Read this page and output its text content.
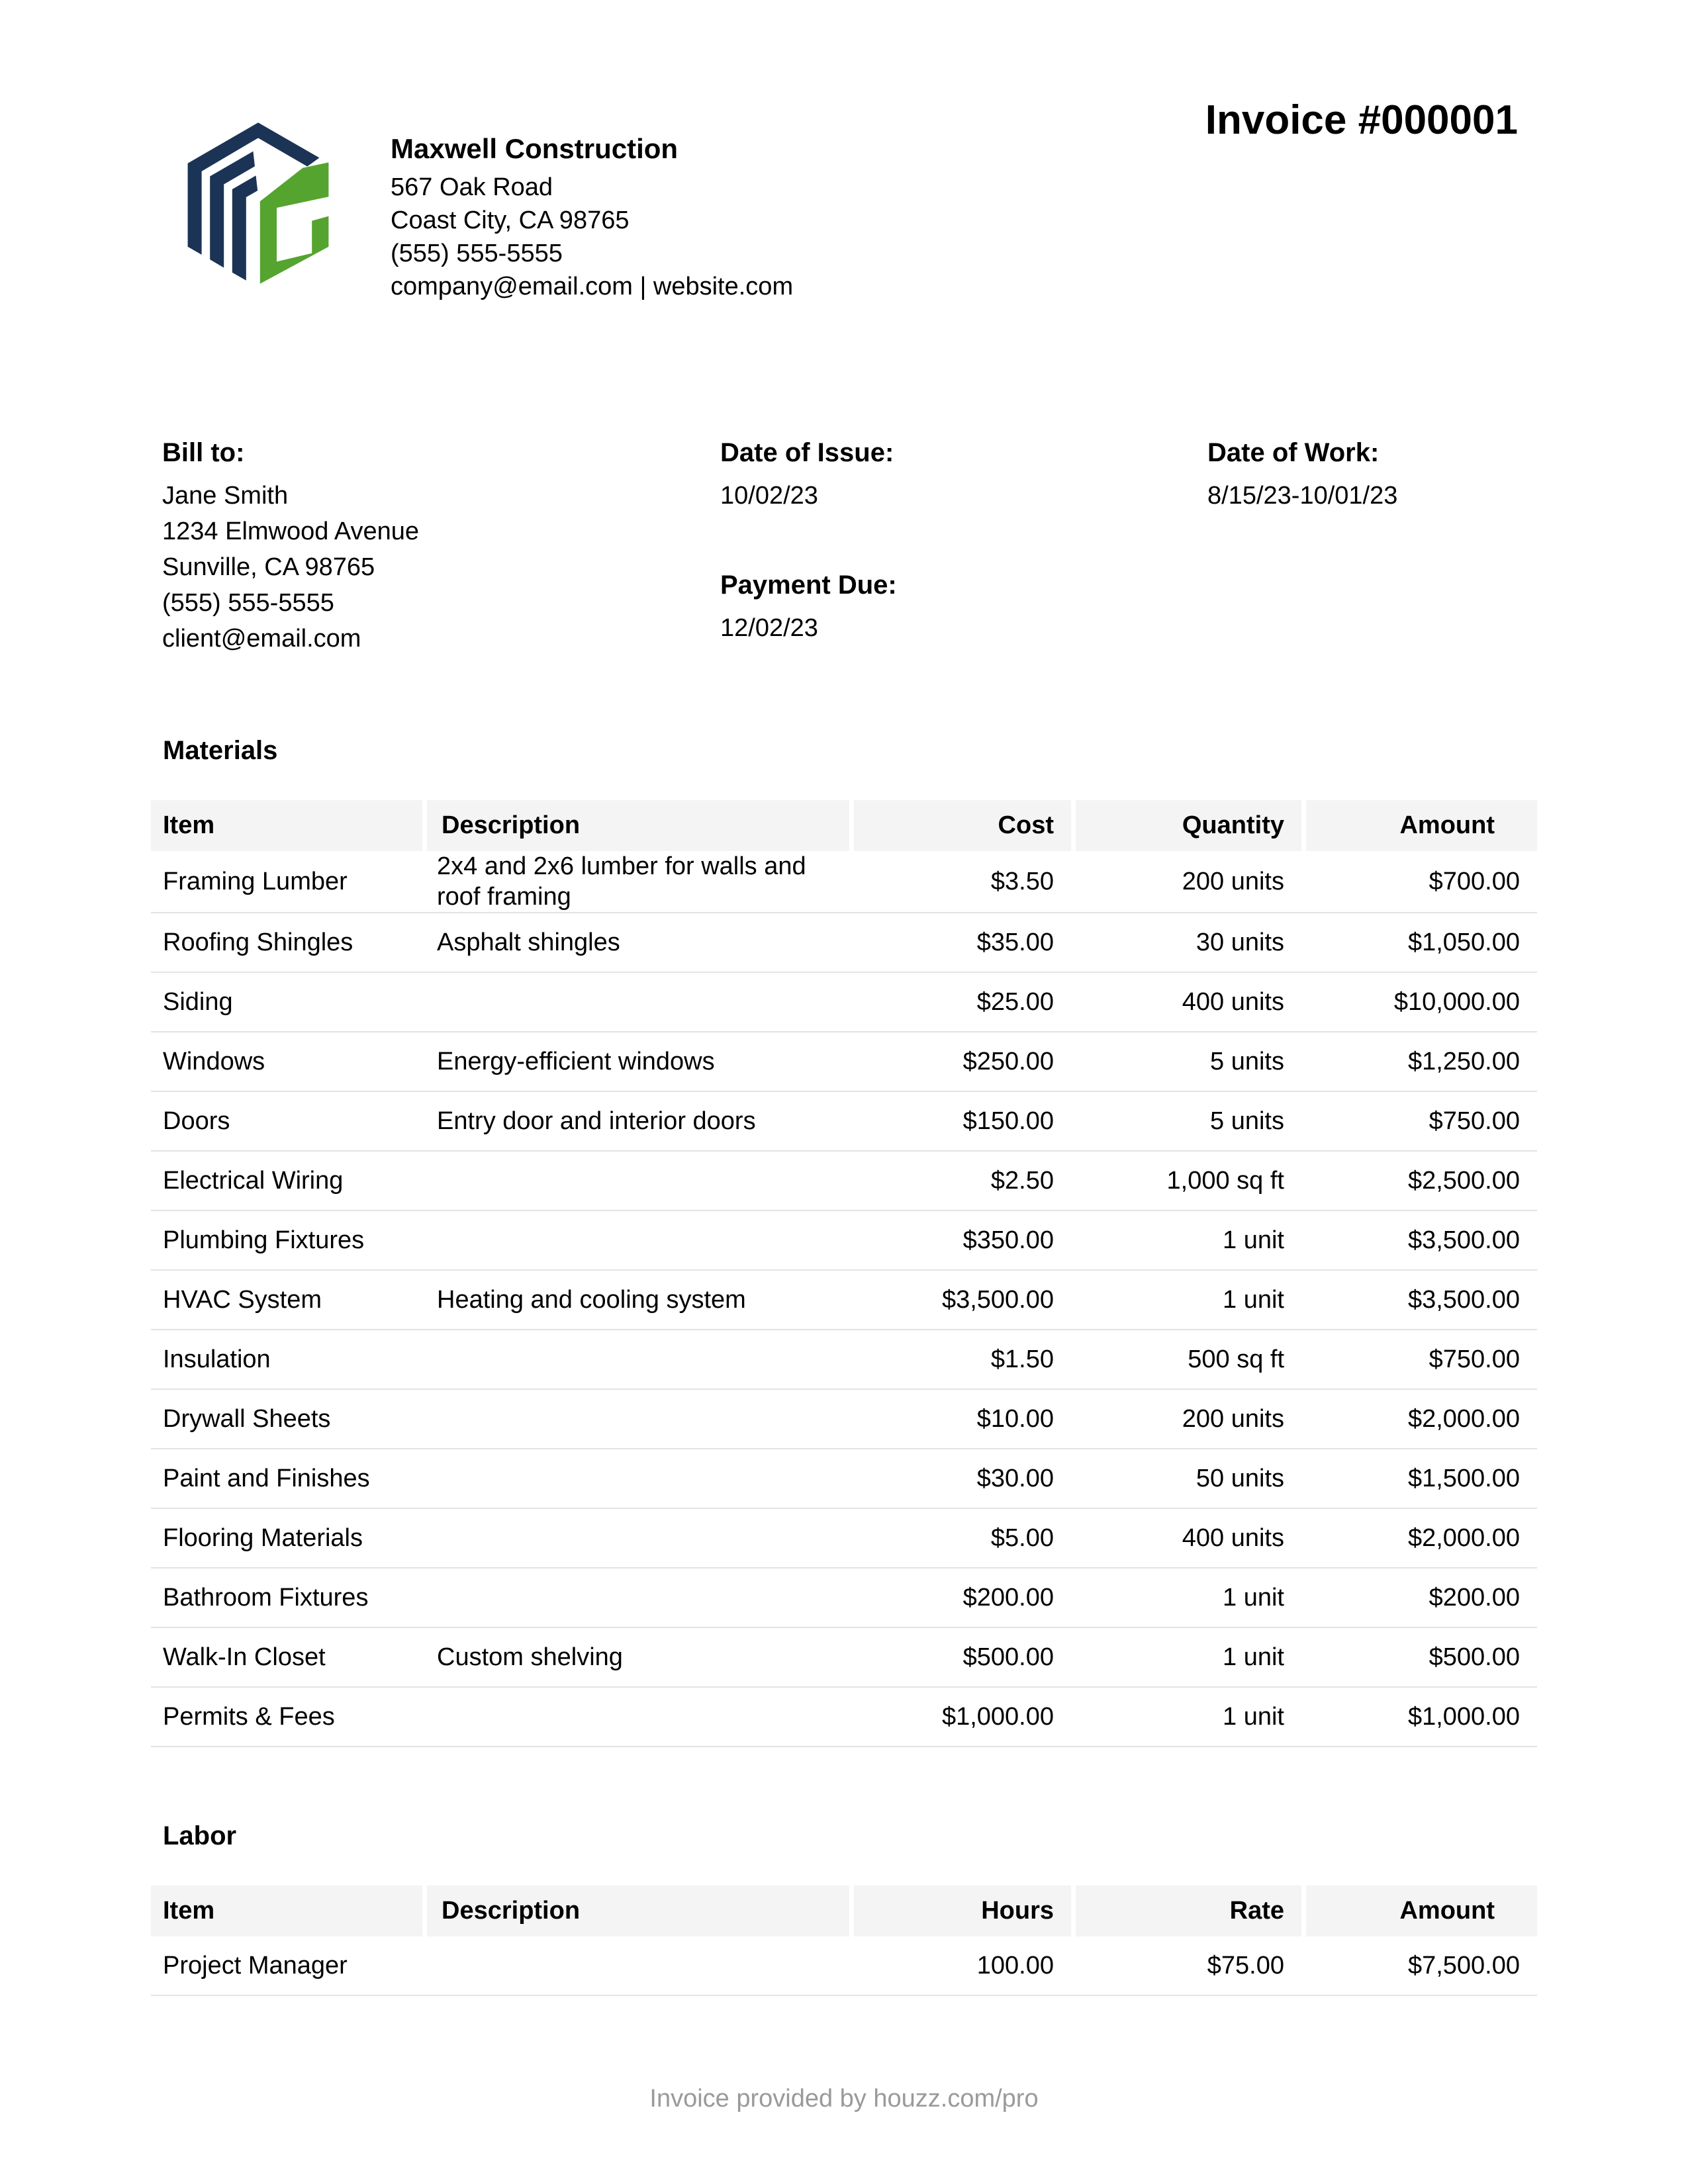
Maxwell Construction
567 Oak Road
Coast City, CA 98765
(555) 555-5555
company@email.com | website.com
Invoice #000001
Bill to:
Jane Smith
1234 Elmwood Avenue
Sunville, CA 98765
(555) 555-5555
client@email.com
Date of Issue:
10/02/23
Payment Due:
12/02/23
Date of Work:
8/15/23-10/01/23
Materials
Item	Description	Cost	Quantity	Amount
Framing Lumber	2x4 and 2x6 lumber for walls and roof framing	$3.50	200 units	$700.00
Roofing Shingles	Asphalt shingles	$35.00	30 units	$1,050.00
Siding		$25.00	400 units	$10,000.00
Windows	Energy-efficient windows	$250.00	5 units	$1,250.00
Doors	Entry door and interior doors	$150.00	5 units	$750.00
Electrical Wiring		$2.50	1,000 sq ft	$2,500.00
Plumbing Fixtures		$350.00	1 unit	$3,500.00
HVAC System	Heating and cooling system	$3,500.00	1 unit	$3,500.00
Insulation		$1.50	500 sq ft	$750.00
Drywall Sheets		$10.00	200 units	$2,000.00
Paint and Finishes		$30.00	50 units	$1,500.00
Flooring Materials		$5.00	400 units	$2,000.00
Bathroom Fixtures		$200.00	1 unit	$200.00
Walk-In Closet	Custom shelving	$500.00	1 unit	$500.00
Permits & Fees		$1,000.00	1 unit	$1,000.00
Labor
Item	Description	Hours	Rate	Amount
Project Manager		100.00	$75.00	$7,500.00
Invoice provided by houzz.com/pro
